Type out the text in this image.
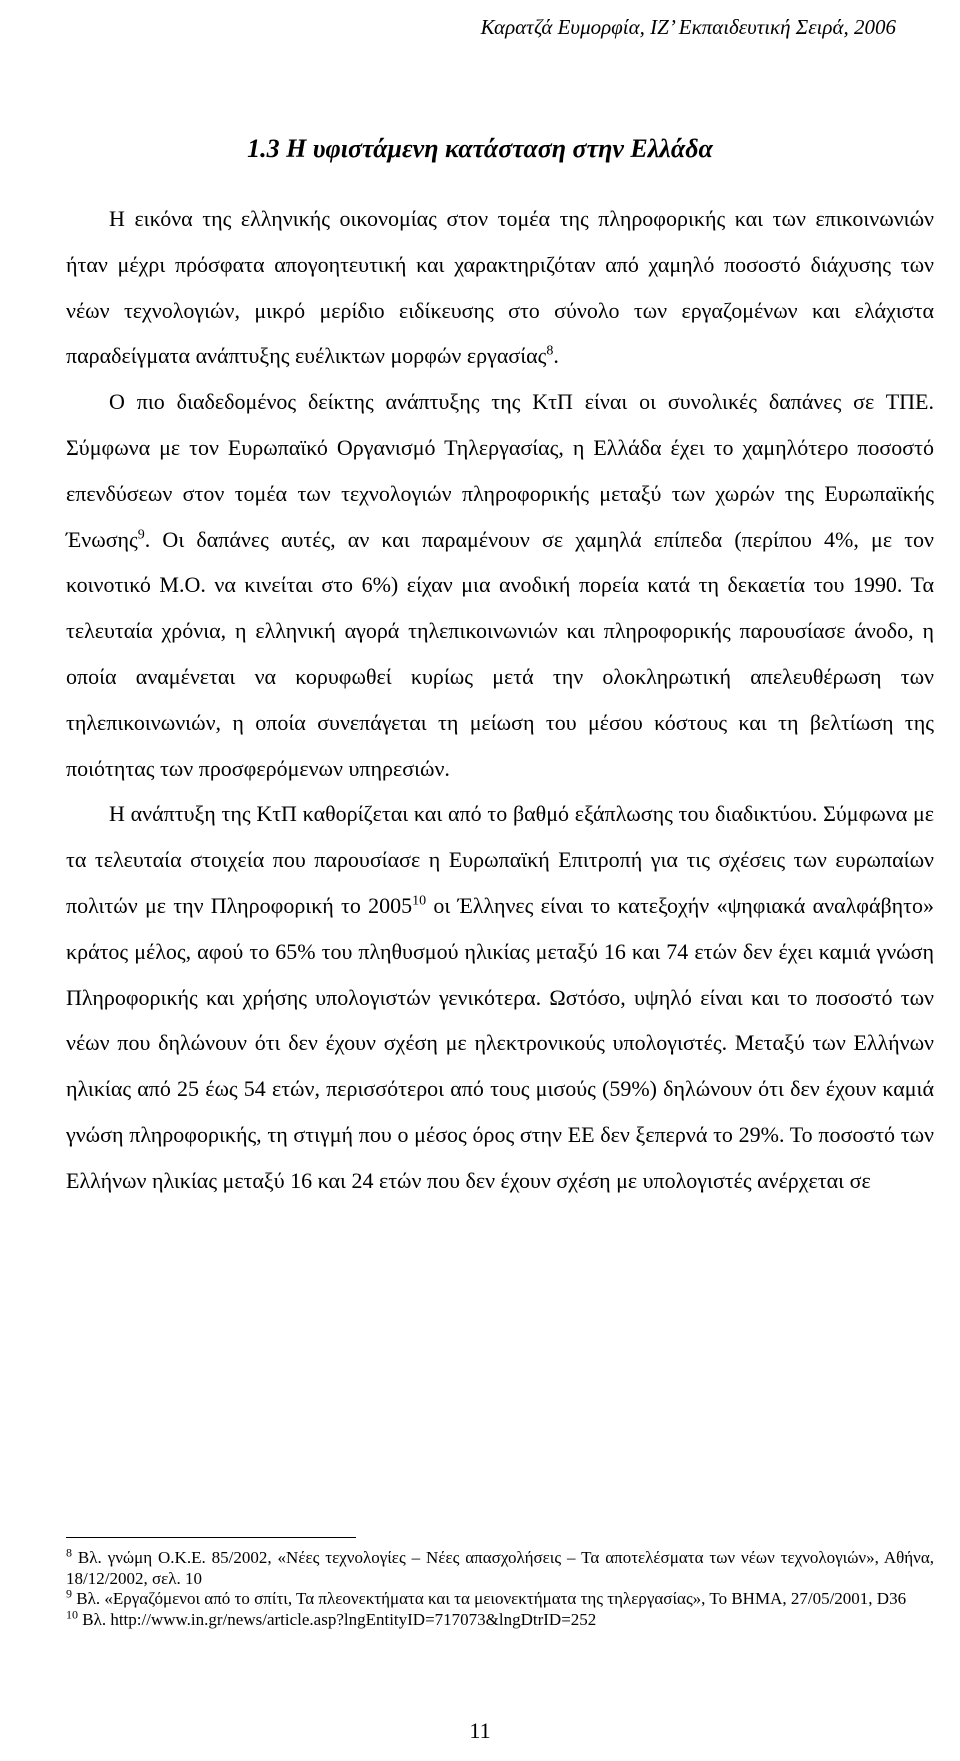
Καρατζά Ευμορφία, ΙΖ’ Εκπαιδευτική Σειρά, 2006
1.3 Η υφιστάμενη κατάσταση στην Ελλάδα

Η εικόνα της ελληνικής οικονομίας στον τομέα της πληροφορικής και των επικοινωνιών ήταν μέχρι πρόσφατα απογοητευτική και χαρακτηριζόταν από χαμηλό ποσοστό διάχυσης των νέων τεχνολογιών, μικρό μερίδιο ειδίκευσης στο σύνολο των εργαζομένων και ελάχιστα παραδείγματα ανάπτυξης ευέλικτων μορφών εργασίας$^8$.

Ο πιο διαδεδομένος δείκτης ανάπτυξης της ΚτΠ είναι οι συνολικές δαπάνες σε ΤΠΕ. Σύμφωνα με τον Ευρωπαϊκό Οργανισμό Τηλεργασίας, η Ελλάδα έχει το χαμηλότερο ποσοστό επενδύσεων στον τομέα των τεχνολογιών πληροφορικής μεταξύ των χωρών της Ευρωπαϊκής Ένωσης$^9$. Οι δαπάνες αυτές, αν και παραμένουν σε χαμηλά επίπεδα (περίπου 4%, με τον κοινοτικό Μ.Ο. να κινείται στο 6%) είχαν μια ανοδική πορεία κατά τη δεκαετία του 1990. Τα τελευταία χρόνια, η ελληνική αγορά τηλεπικοινωνιών και πληροφορικής παρουσίασε άνοδο, η οποία αναμένεται να κορυφωθεί κυρίως μετά την ολοκληρωτική απελευθέρωση των τηλεπικοινωνιών, η οποία συνεπάγεται τη μείωση του μέσου κόστους και τη βελτίωση της ποιότητας των προσφερόμενων υπηρεσιών.

Η ανάπτυξη της ΚτΠ καθορίζεται και από το βαθμό εξάπλωσης του διαδικτύου. Σύμφωνα με τα τελευταία στοιχεία που παρουσίασε η Ευρωπαϊκή Επιτροπή για τις σχέσεις των ευρωπαίων πολιτών με την Πληροφορική το 2005$^{10}$ οι Έλληνες είναι το κατεξοχήν «ψηφιακά αναλφάβητο» κράτος μέλος, αφού το 65% του πληθυσμού ηλικίας μεταξύ 16 και 74 ετών δεν έχει καμιά γνώση Πληροφορικής και χρήσης υπολογιστών γενικότερα. Ωστόσο, υψηλό είναι και το ποσοστό των νέων που δηλώνουν ότι δεν έχουν σχέση με ηλεκτρονικούς υπολογιστές. Μεταξύ των Ελλήνων ηλικίας από 25 έως 54 ετών, περισσότεροι από τους μισούς (59%) δηλώνουν ότι δεν έχουν καμιά γνώση πληροφορικής, τη στιγμή που ο μέσος όρος στην ΕΕ δεν ξεπερνά το 29%. Το ποσοστό των Ελλήνων ηλικίας μεταξύ 16 και 24 ετών που δεν έχουν σχέση με υπολογιστές ανέρχεται σε

$^8$ Βλ. γνώμη Ο.Κ.Ε. 85/2002, «Νέες τεχνολογίες – Νέες απασχολήσεις – Τα αποτελέσματα των νέων τεχνολογιών», Αθήνα, 18/12/2002, σελ. 10

$^9$ Βλ. «Εργαζόμενοι από το σπίτι, Τα πλεονεκτήματα και τα μειονεκτήματα της τηλεργασίας», Το ΒΗΜΑ, 27/05/2001, D36

$^{10}$ Βλ. http://www.in.gr/news/article.asp?lngEntityID=717073&lngDtrID=252

11
